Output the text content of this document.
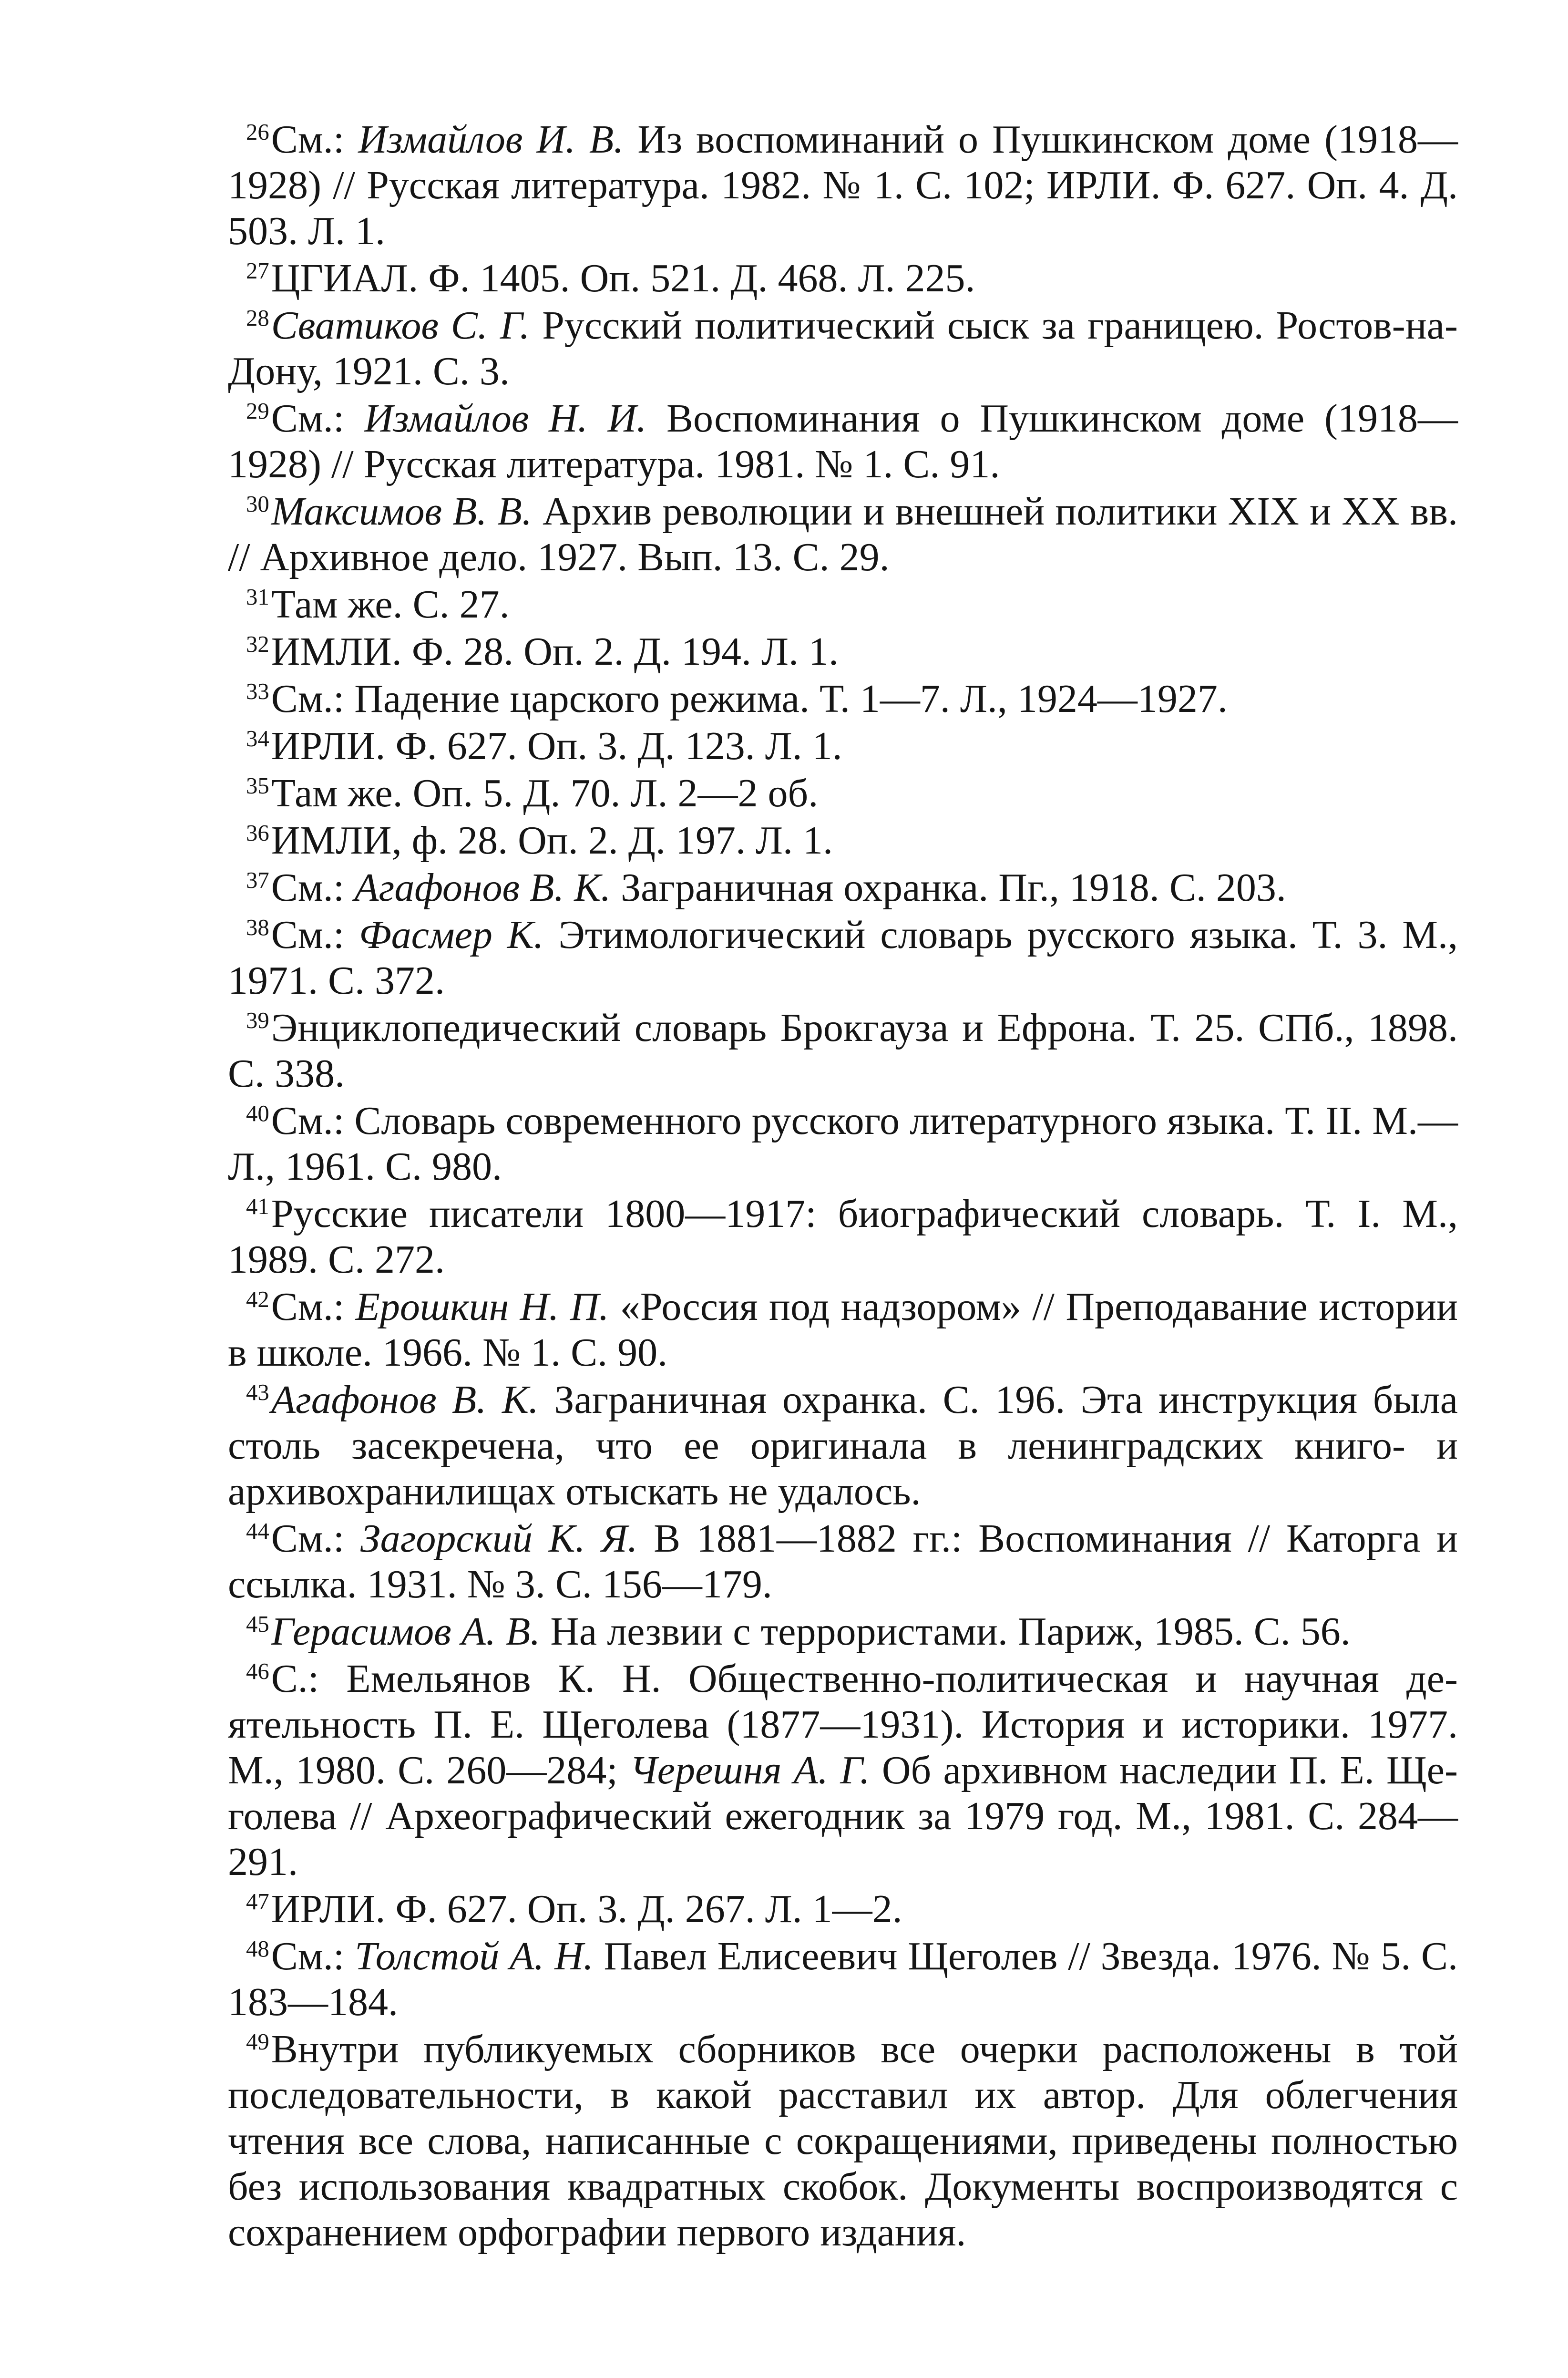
$^{26}$См.: Измайлов И. В. Из воспоминаний о Пушкинском доме (1918—1928) // Русская литература. 1982. № 1. С. 102; ИРЛИ. Ф. 627. Оп. 4. Д. 503. Л. 1.

$^{27}$ЦГИАЛ. Ф. 1405. Оп. 521. Д. 468. Л. 225.

$^{28}$Сватиков С. Г. Русский политический сыск за границею. Ростов-на-Дону, 1921. С. 3.

$^{29}$См.: Измайлов Н. И. Воспоминания о Пушкинском доме (1918—1928) // Русская литература. 1981. № 1. С. 91.

$^{30}$Максимов В. В. Архив революции и внешней политики XIX и XX вв. // Архивное дело. 1927. Вып. 13. С. 29.

$^{31}$Там же. С. 27.

$^{32}$ИМЛИ. Ф. 28. Оп. 2. Д. 194. Л. 1.

$^{33}$См.: Падение царского режима. Т. 1—7. Л., 1924—1927.

$^{34}$ИРЛИ. Ф. 627. Оп. 3. Д. 123. Л. 1.

$^{35}$Там же. Оп. 5. Д. 70. Л. 2—2 об.

$^{36}$ИМЛИ, ф. 28. Оп. 2. Д. 197. Л. 1.

$^{37}$См.: Агафонов В. К. Заграничная охранка. Пг., 1918. С. 203.

$^{38}$См.: Фасмер К. Этимологический словарь русского языка. Т. 3. М., 1971. С. 372.

$^{39}$Энциклопедический словарь Брокгауза и Ефрона. Т. 25. СПб., 1898. С. 338.

$^{40}$См.: Словарь современного русского литературного языка. Т. II. М.—Л., 1961. С. 980.

$^{41}$Русские писатели 1800—1917: биографический словарь. Т. I. М., 1989. С. 272.

$^{42}$См.: Ерошкин Н. П. «Россия под надзором» // Преподавание истории в школе. 1966. № 1. С. 90.

$^{43}$Агафонов В. К. Заграничная охранка. С. 196. Эта инструкция была столь засекречена, что ее оригинала в ленинградских книго- и архивохранилищах отыскать не удалось.

$^{44}$См.: Загорский К. Я. В 1881—1882 гг.: Воспоминания // Каторга и ссылка. 1931. № 3. С. 156—179.

$^{45}$Герасимов А. В. На лезвии с террористами. Париж, 1985. С. 56.

$^{46}$С.: Емельянов К. Н. Общественно-политическая и научная деятельность П. Е. Щеголева (1877—1931). История и историки. 1977. М., 1980. С. 260—284; Черешня А. Г. Об архивном наследии П. Е. Щеголева // Археографический ежегодник за 1979 год. М., 1981. С. 284—291.

$^{47}$ИРЛИ. Ф. 627. Оп. 3. Д. 267. Л. 1—2.

$^{48}$См.: Толстой А. Н. Павел Елисеевич Щеголев // Звезда. 1976. № 5. С. 183—184.

$^{49}$Внутри публикуемых сборников все очерки расположены в той последовательности, в какой расставил их автор. Для облегчения чтения все слова, написанные с сокращениями, приведены полностью без использования квадратных скобок. Документы воспроизводятся с сохранением орфографии первого издания.
